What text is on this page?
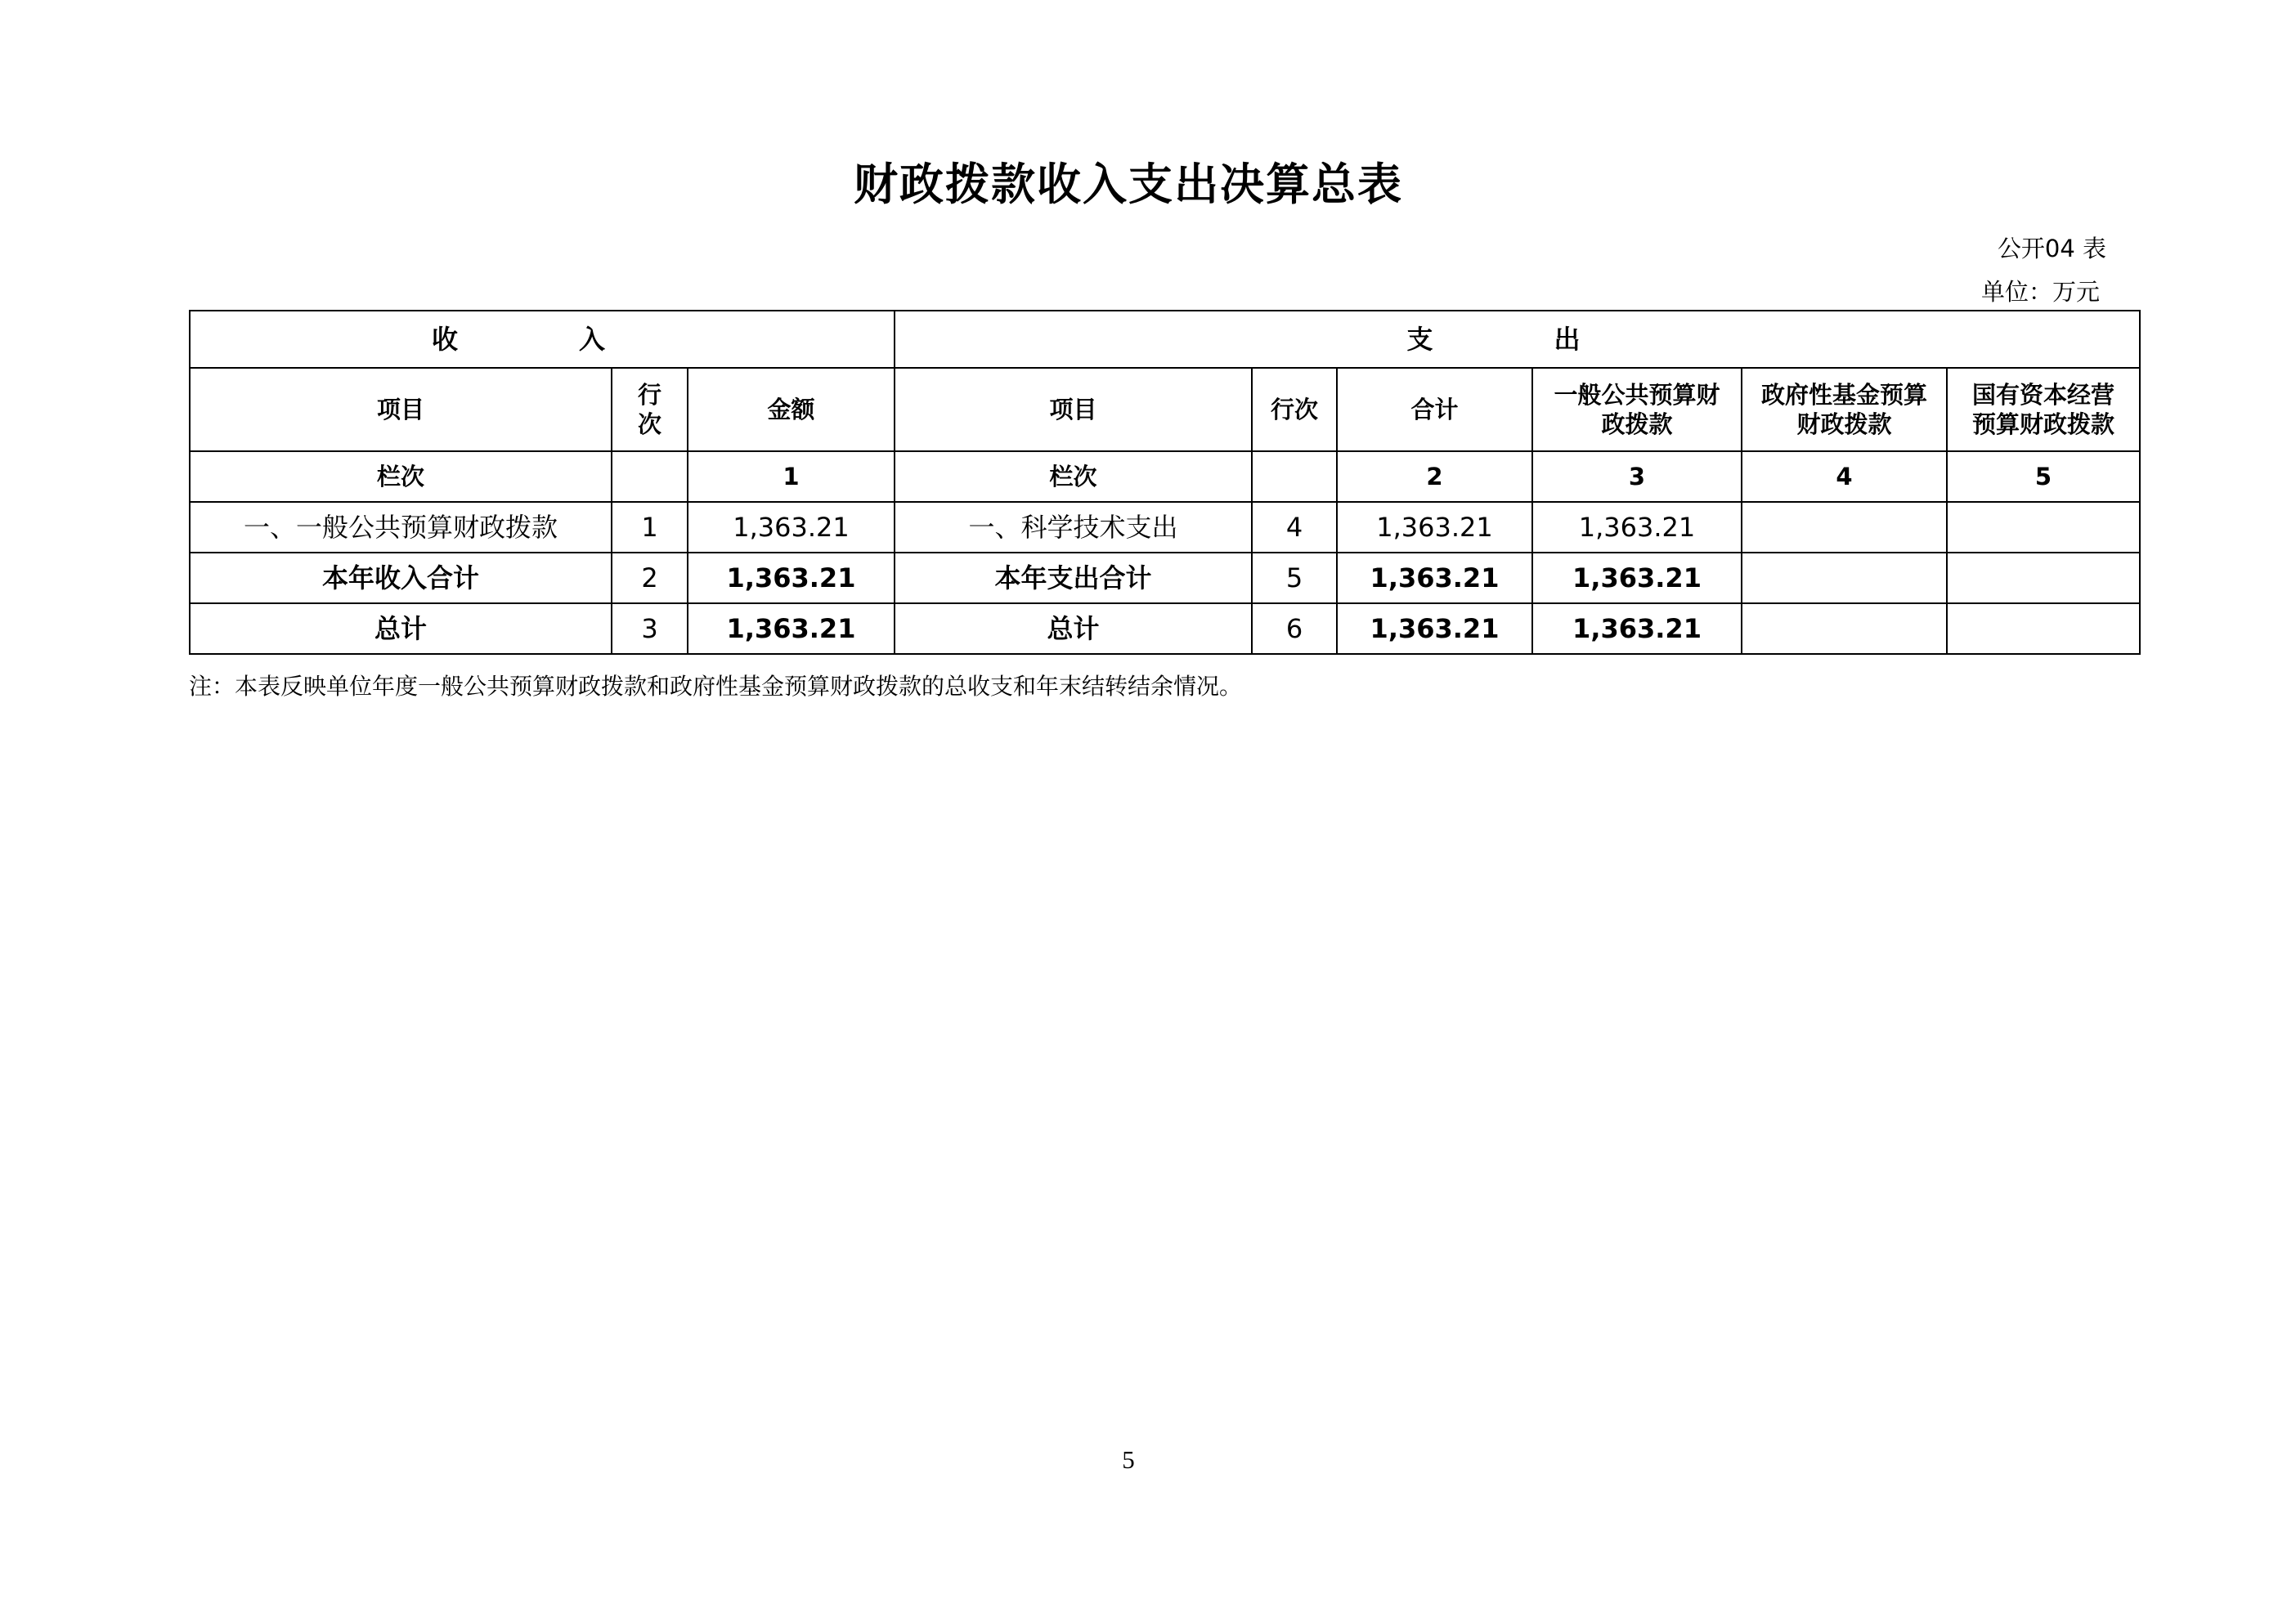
财政拨款收入支出决算总表
公开04 表
单位：万元
收　入			支　出					
项目	行次	金额	项目	行次	合计	一般公共预算财政拨款	政府性基金预算财政拨款	国有资本经营预算财政拨款
栏次		1	栏次		2	3	4	5
一、一般公共预算财政拨款	1	1,363.21	一、科学技术支出	4	1,363.21	1,363.21		
本年收入合计	2	1,363.21	本年支出合计	5	1,363.21	1,363.21		
总计	3	1,363.21	总计	6	1,363.21	1,363.21		
注：本表反映单位年度一般公共预算财政拨款和政府性基金预算财政拨款的总收支和年末结转结余情况。
5
